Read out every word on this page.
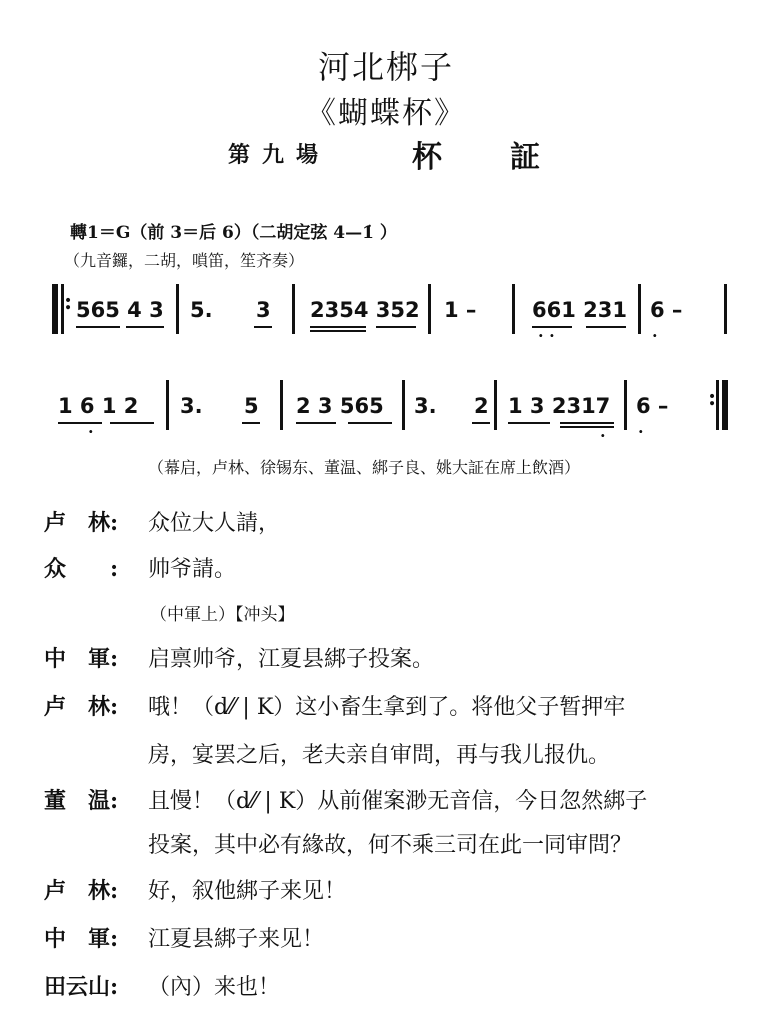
河北梆子
《蝴蝶杯》
第九場	杯 証
轉1＝G（前 3＝后 6）（二胡定弦 4—1̇ ）
（九音鑼，二胡，嗩笛，笙齐奏）
: 565 4 3 5. 3 2354 352 1 –	661 231
· ·
6 –
·
1 6 1 2
·
3. 5 2 3 565 3. 2 1 3 2317
·
6 –
·
:
（幕启，卢林、徐锡东、董温、綁子良、姚大証在席上飲酒）
卢　林: 众位大人請，
众　　: 帅爷請。
（中軍上）【冲头】
中　軍: 启禀帅爷，江夏县綁子投案。
卢　林: 哦！（d⁄⁄ | K）这小畜生拿到了。将他父子暂押牢
房，宴罢之后，老夫亲自审問，再与我儿报仇。
董　温: 且慢！（d⁄⁄ | K）从前催案渺无音信，今日忽然綁子
投案，其中必有緣故，何不乘三司在此一同审問？
卢　林: 好，叙他綁子来见！
中　軍: 江夏县綁子来见！
田云山: （內）来也！
